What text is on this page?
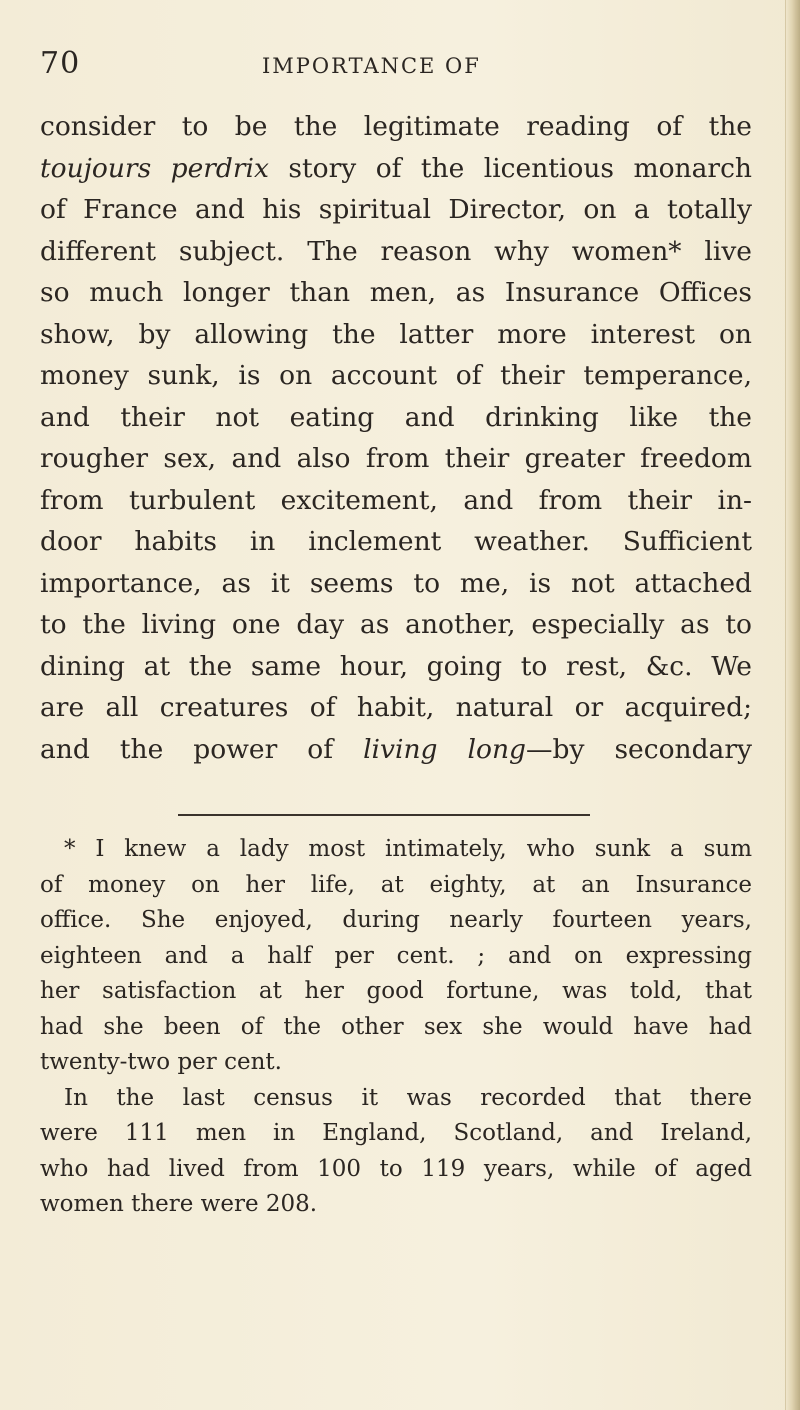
70	IMPORTANCE OF
consider to be the legitimate reading of the
toujours perdrix story of the licentious monarch
of France and his spiritual Director, on a totally
different subject. The reason why women* live
so much longer than men, as Insurance Offices
show, by allowing the latter more interest on
money sunk, is on account of their temperance,
and their not eating and drinking like the
rougher sex, and also from their greater freedom
from turbulent excitement, and from their in-
door habits in inclement weather. Sufficient
importance, as it seems to me, is not attached
to the living one day as another, especially as to
dining at the same hour, going to rest, &c. We
are all creatures of habit, natural or acquired;
and the power of living long—by secondary
* I knew a lady most intimately, who sunk a sum
of money on her life, at eighty, at an Insurance
office. She enjoyed, during nearly fourteen years,
eighteen and a half per cent. ; and on expressing
her satisfaction at her good fortune, was told, that
had she been of the other sex she would have had
twenty-two per cent.
In the last census it was recorded that there
were 111 men in England, Scotland, and Ireland,
who had lived from 100 to 119 years, while of aged
women there were 208.
